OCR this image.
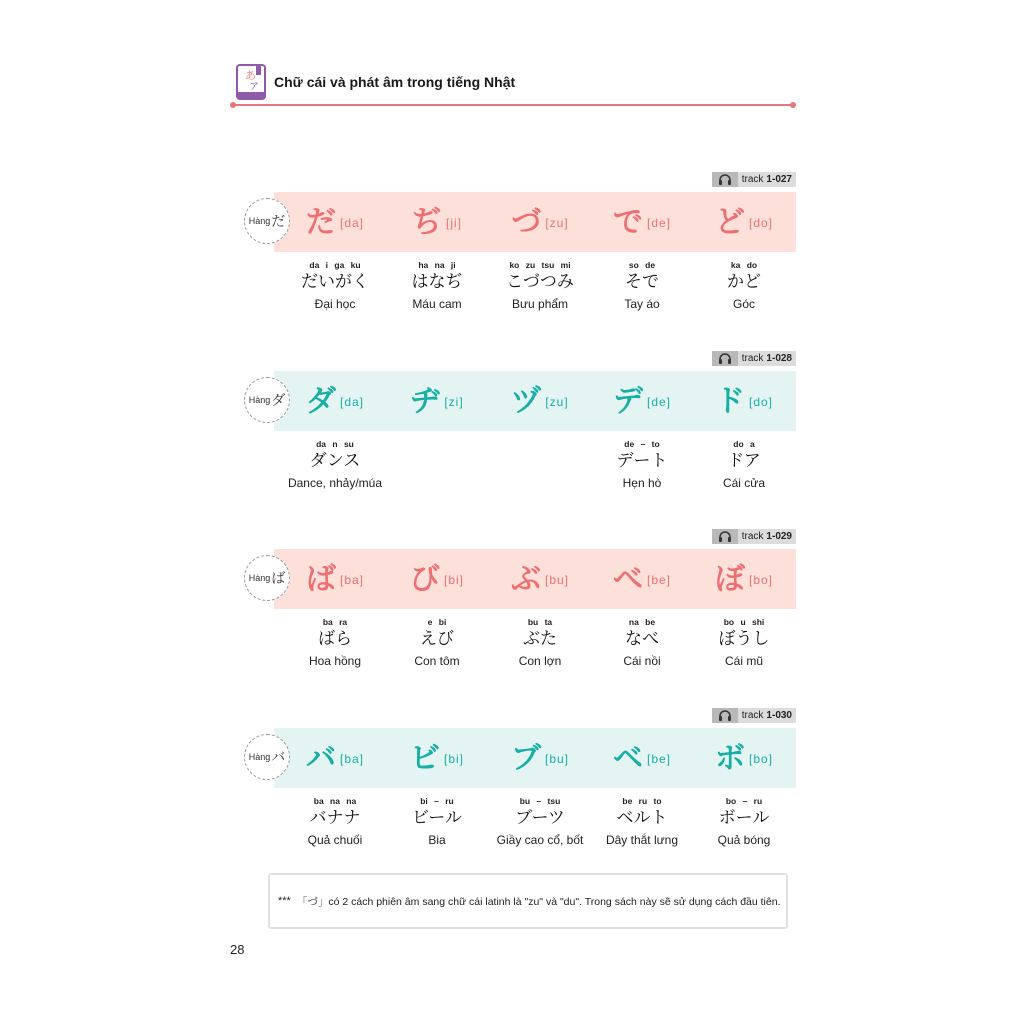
あ
ア Chữ cái và phát âm trong tiếng Nhật
track 1-027
Hàng だ だ [da] ぢ [ji] づ [zu] で [de] ど [do]
da i ga ku
だいがく
Đại học
ha na ji
はなぢ
Máu cam
ko zu tsu mi
こづつみ
Bưu phẩm
so de
そで
Tay áo
ka do
かど
Góc
track 1-028
Hàng ダ ダ [da] ヂ [zi] ヅ [zu] デ [de] ド [do]
da n su
ダンス
Dance, nhảy/múa
de – to
デート
Hẹn hò
do a
ドア
Cái cửa
track 1-029
Hàng ば ば [ba] び [bi] ぶ [bu] べ [be] ぼ [bo]
ba ra
ばら
Hoa hồng
e bi
えび
Con tôm
bu ta
ぶた
Con lợn
na be
なべ
Cái nồi
bo u shi
ぼうし
Cái mũ
track 1-030
Hàng バ バ [ba] ビ [bi] ブ [bu] ベ [be] ボ [bo]
ba na na
バナナ
Quả chuối
bi – ru
ビール
Bia
bu – tsu
ブーツ
Giầy cao cổ, bốt
be ru to
ベルト
Dây thắt lưng
bo – ru
ボール
Quả bóng
*** 「づ」có 2 cách phiên âm sang chữ cái latinh là "zu" và "du". Trong sách này sẽ sử dụng cách đầu tiên.
28
